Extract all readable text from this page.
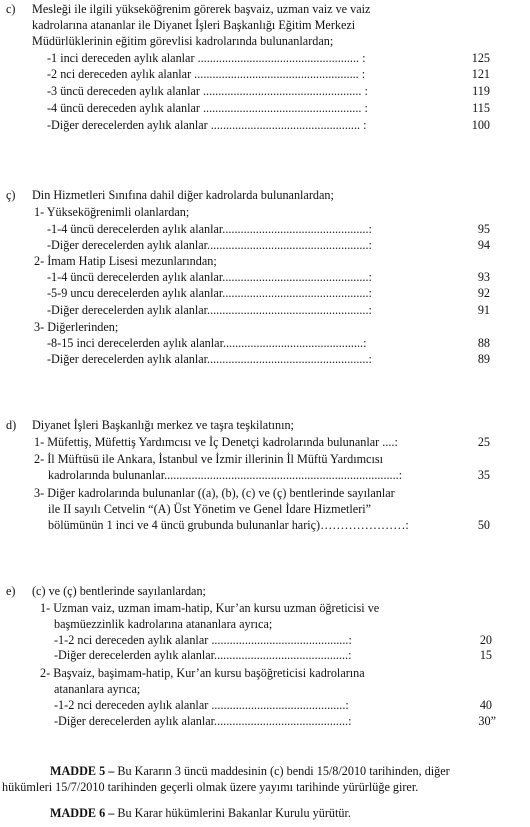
c) Mesleği ile ilgili yükseköğrenim görerek başvaiz, uzman vaiz ve vaiz
kadrolarına atananlar ile Diyanet İşleri Başkanlığı Eğitim Merkezi
Müdürlüklerinin eğitim görevlisi kadrolarında bulunanlardan;
-1 inci dereceden aylık alanlar ..................................................... :	125
-2 nci dereceden aylık alanlar ...................................................... :	121
-3 üncü dereceden aylık alanlar .................................................... :	119
-4 üncü dereceden aylık alanlar .................................................... :	115
-Diğer derecelerden aylık alanlar ................................................. :	100
ç) Din Hizmetleri Sınıfına dahil diğer kadrolarda bulunanlardan;
1- Yükseköğrenimli olanlardan;
-1-4 üncü derecelerden aylık alanlar................................................:	95
-Diğer derecelerden aylık alanlar.....................................................:	94
2- İmam Hatip Lisesi mezunlarından;
-1-4 üncü derecelerden aylık alanlar................................................:	93
-5-9 uncu derecelerden aylık alanlar................................................:	92
-Diğer derecelerden aylık alanlar.....................................................:	91
3- Diğerlerinden;
-8-15 inci derecelerden aylık alanlar..............................................:	88
-Diğer derecelerden aylık alanlar.....................................................:	89
d) Diyanet İşleri Başkanlığı merkez ve taşra teşkilatının;
1- Müfettiş, Müfettiş Yardımcısı ve İç Denetçi kadrolarında bulunanlar ....:	25
2- İl Müftüsü ile Ankara, İstanbul ve İzmir illerinin İl Müftü Yardımcısı
kadrolarında bulunanlar.............................................................................:	35
3- Diğer kadrolarında bulunanlar ((a), (b), (c) ve (ç) bentlerinde sayılanlar
ile II sayılı Cetvelin “(A) Üst Yönetim ve Genel İdare Hizmetleri”
bölümünün 1 inci ve 4 üncü grubunda bulunanlar hariç)…………………:	50
e) (c) ve (ç) bentlerinde sayılanlardan;
1- Uzman vaiz, uzman imam-hatip, Kur’an kursu uzman öğreticisi ve
başmüezzinlik kadrolarına atananlara ayrıca;
-1-2 nci dereceden aylık alanlar .............................................:	20
-Diğer derecelerden aylık alanlar............................................:	15
2- Başvaiz, başimam-hatip, Kur’an kursu başöğreticisi kadrolarına
atananlara ayrıca;
-1-2 nci dereceden aylık alanlar ............................................:	40
-Diğer derecelerden aylık alanlar............................................:	30”
MADDE 5 – Bu Kararın 3 üncü maddesinin (c) bendi 15/8/2010 tarihinden, diğer
hükümleri 15/7/2010 tarihinden geçerli olmak üzere yayımı tarihinde yürürlüğe girer.
MADDE 6 – Bu Karar hükümlerini Bakanlar Kurulu yürütür.
